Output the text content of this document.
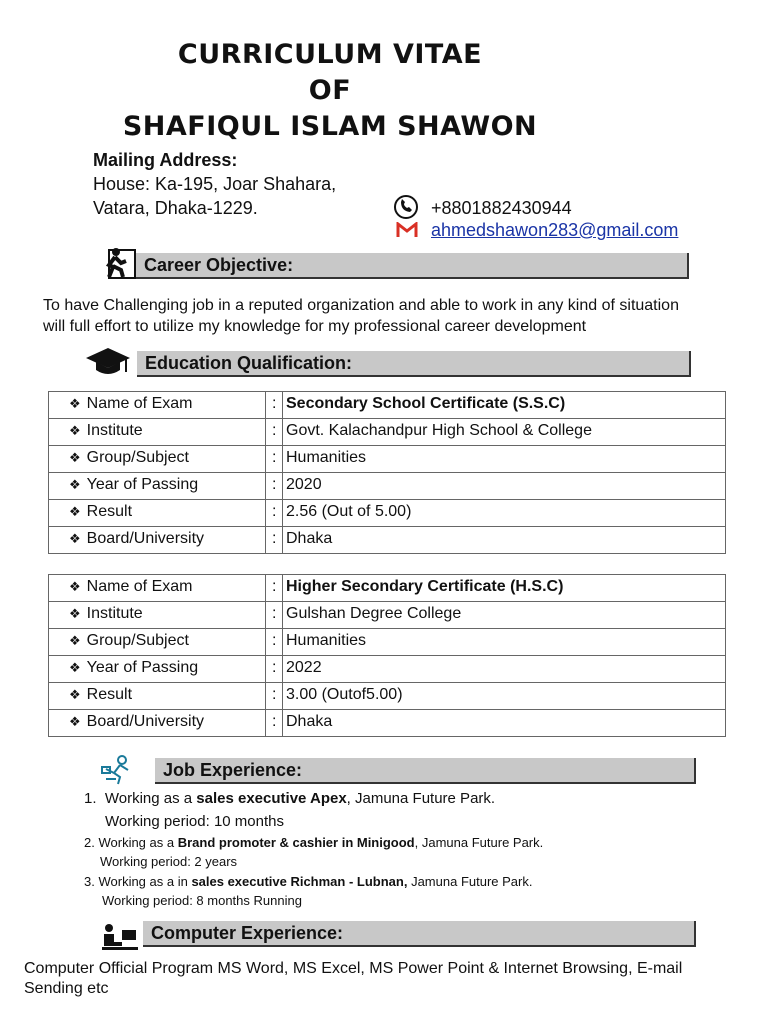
CURRICULUM VITAE
OF
SHAFIQUL ISLAM SHAWON
Mailing Address:
House: Ka-195, Joar Shahara,
Vatara, Dhaka-1229.	+8801882430944
ahmedshawon283@gmail.com
Career Objective:
To have Challenging job in a reputed organization and able to work in any kind of situation
will full effort to utilize my knowledge for my professional career development
Education Qualification:
❖ Name of Exam	:	Secondary School Certificate (S.S.C)
❖ Institute	:	Govt. Kalachandpur High School & College
❖ Group/Subject	:	Humanities
❖ Year of Passing	:	2020
❖ Result	:	2.56 (Out of 5.00)
❖ Board/University	:	Dhaka
❖ Name of Exam	:	Higher Secondary Certificate (H.S.C)
❖ Institute	:	Gulshan Degree College
❖ Group/Subject	:	Humanities
❖ Year of Passing	:	2022
❖ Result	:	3.00 (Outof5.00)
❖ Board/University	:	Dhaka
Job Experience:
1. Working as a sales executive Apex, Jamuna Future Park.
Working period: 10 months
2. Working as a Brand promoter & cashier in Minigood, Jamuna Future Park.
Working period: 2 years
3. Working as a in sales executive Richman - Lubnan, Jamuna Future Park.
Working period: 8 months Running
Computer Experience:
Computer Official Program MS Word, MS Excel, MS Power Point & Internet Browsing, E-mail
Sending etc
